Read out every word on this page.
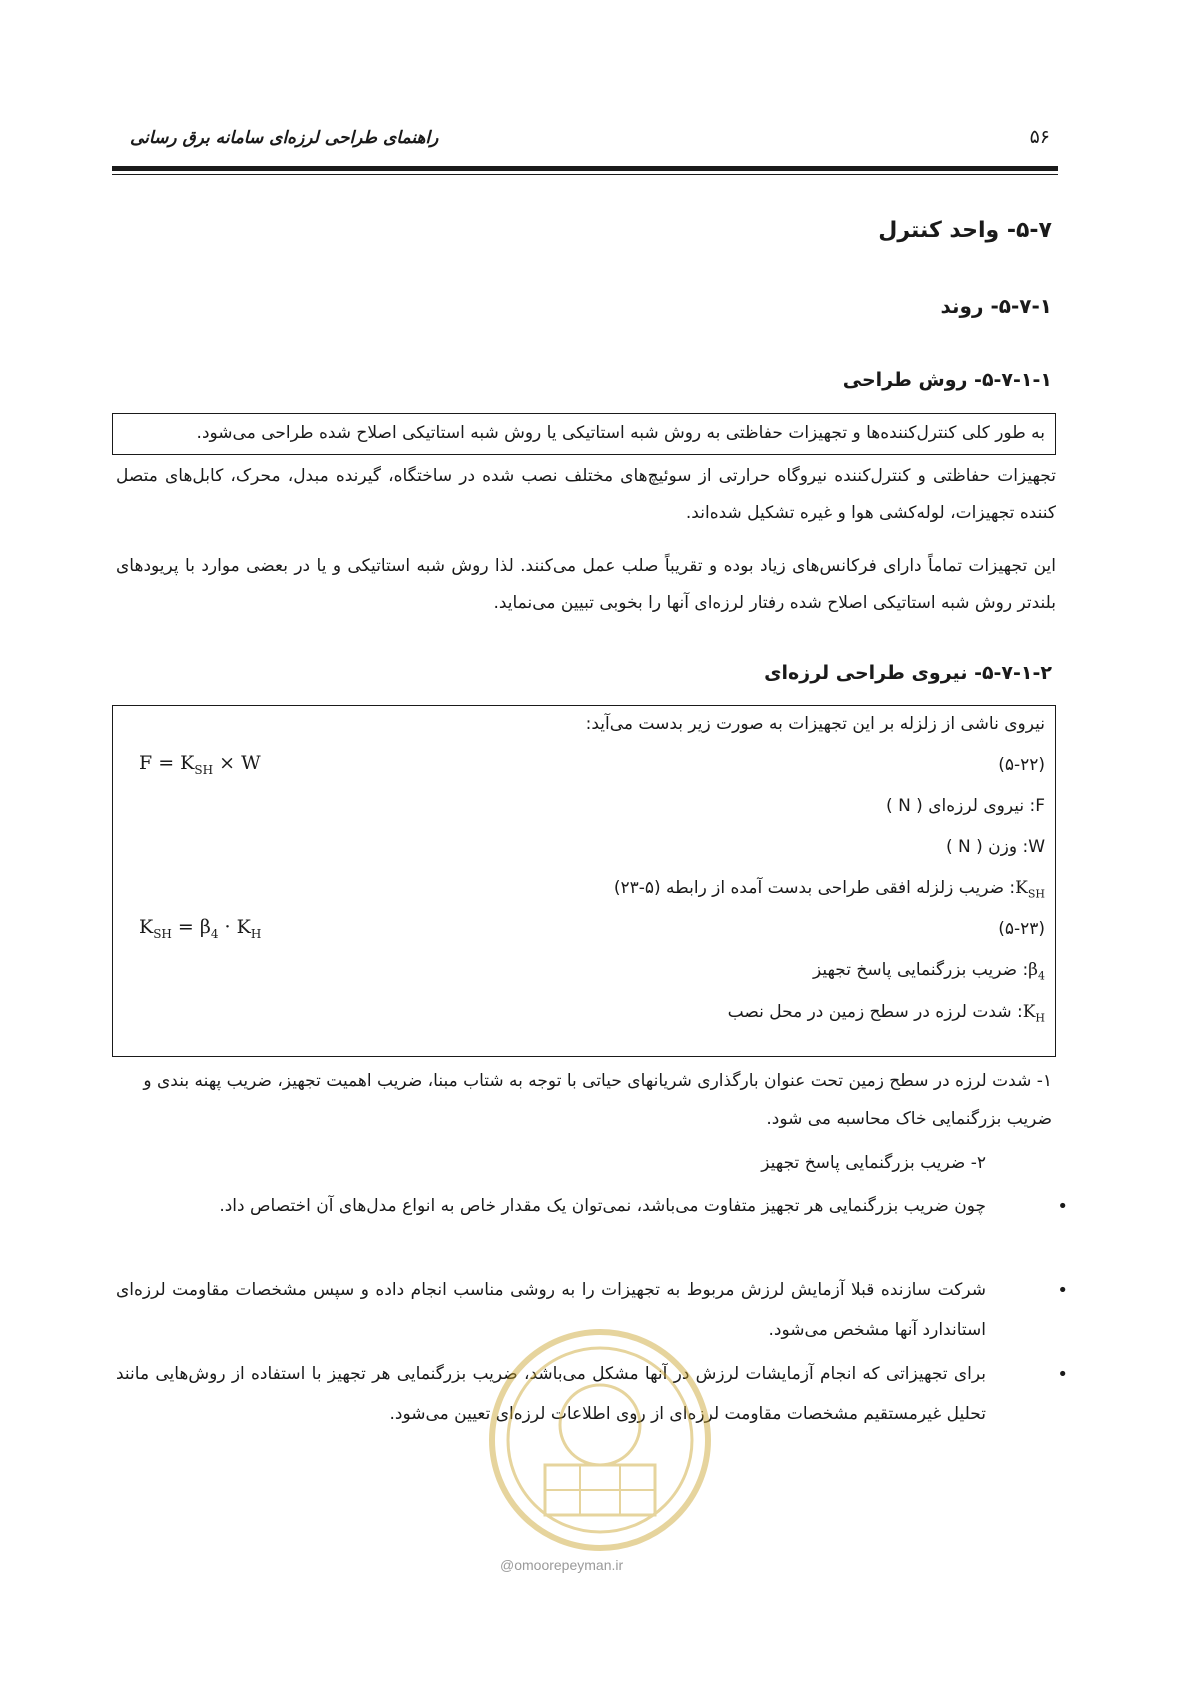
راهنمای طراحی لرزه‌ای سامانه برق رسانی	۵۶
۵-۷- واحد کنترل
۵-۷-۱- روند
۵-۷-۱-۱- روش طراحی
به طور کلی کنترل‌کننده‌ها و تجهیزات حفاظتی به روش شبه استاتیکی یا روش شبه استاتیکی اصلاح شده طراحی می‌شود.
تجهیزات حفاظتی و کنترل‌کننده نیروگاه حرارتی از سوئیچ‌های مختلف نصب شده در ساختگاه، گیرنده مبدل، محرک، کابل‌های متصل کننده تجهیزات، لوله‌کشی هوا و غیره تشکیل شده‌اند.
این تجهیزات تماماً دارای فرکانس‌های زیاد بوده و تقریباً صلب عمل می‌کنند. لذا روش شبه استاتیکی و یا در بعضی موارد با پریودهای بلندتر روش شبه استاتیکی اصلاح شده رفتار لرزه‌ای آنها را بخوبی تبیین می‌نماید.
۵-۷-۱-۲- نیروی طراحی لرزه‌ای
نیروی ناشی از زلزله بر این تجهیزات به صورت زیر بدست می‌آید:
(۵-۲۲)
$F = K_{SH} \times W$
F: نیروی لرزه‌ای ( N )
W: وزن ( N )
$K_{SH}$: ضریب زلزله افقی طراحی بدست آمده از رابطه (۵-۲۳)
(۵-۲۳)
$K_{SH} = \beta_4 \cdot K_H$
$\beta_4$: ضریب بزرگنمایی پاسخ تجهیز
$K_H$: شدت لرزه در سطح زمین در محل نصب
۱- شدت لرزه در سطح زمین تحت عنوان بارگذاری شریانهای حیاتی با توجه به شتاب مبنا، ضریب اهمیت تجهیز، ضریب پهنه بندی و ضریب بزرگنمایی خاک محاسبه می شود.
۲- ضریب بزرگنمایی پاسخ تجهیز
•
چون ضریب بزرگنمایی هر تجهیز متفاوت می‌باشد، نمی‌توان یک مقدار خاص به انواع مدل‌های آن اختصاص داد.
•
شرکت سازنده قبلا آزمایش لرزش مربوط به تجهیزات را به روشی مناسب انجام داده و سپس مشخصات مقاومت لرزه‌ای استاندارد آنها مشخص می‌شود.
•
برای تجهیزاتی که انجام آزمایشات لرزش در آنها مشکل می‌باشد، ضریب بزرگنمایی هر تجهیز با استفاده از روش‌هایی مانند تحلیل غیرمستقیم مشخصات مقاومت لرزه‌ای از روی اطلاعات لرزه‌ای تعیین می‌شود.
@omoorepeyman.ir
